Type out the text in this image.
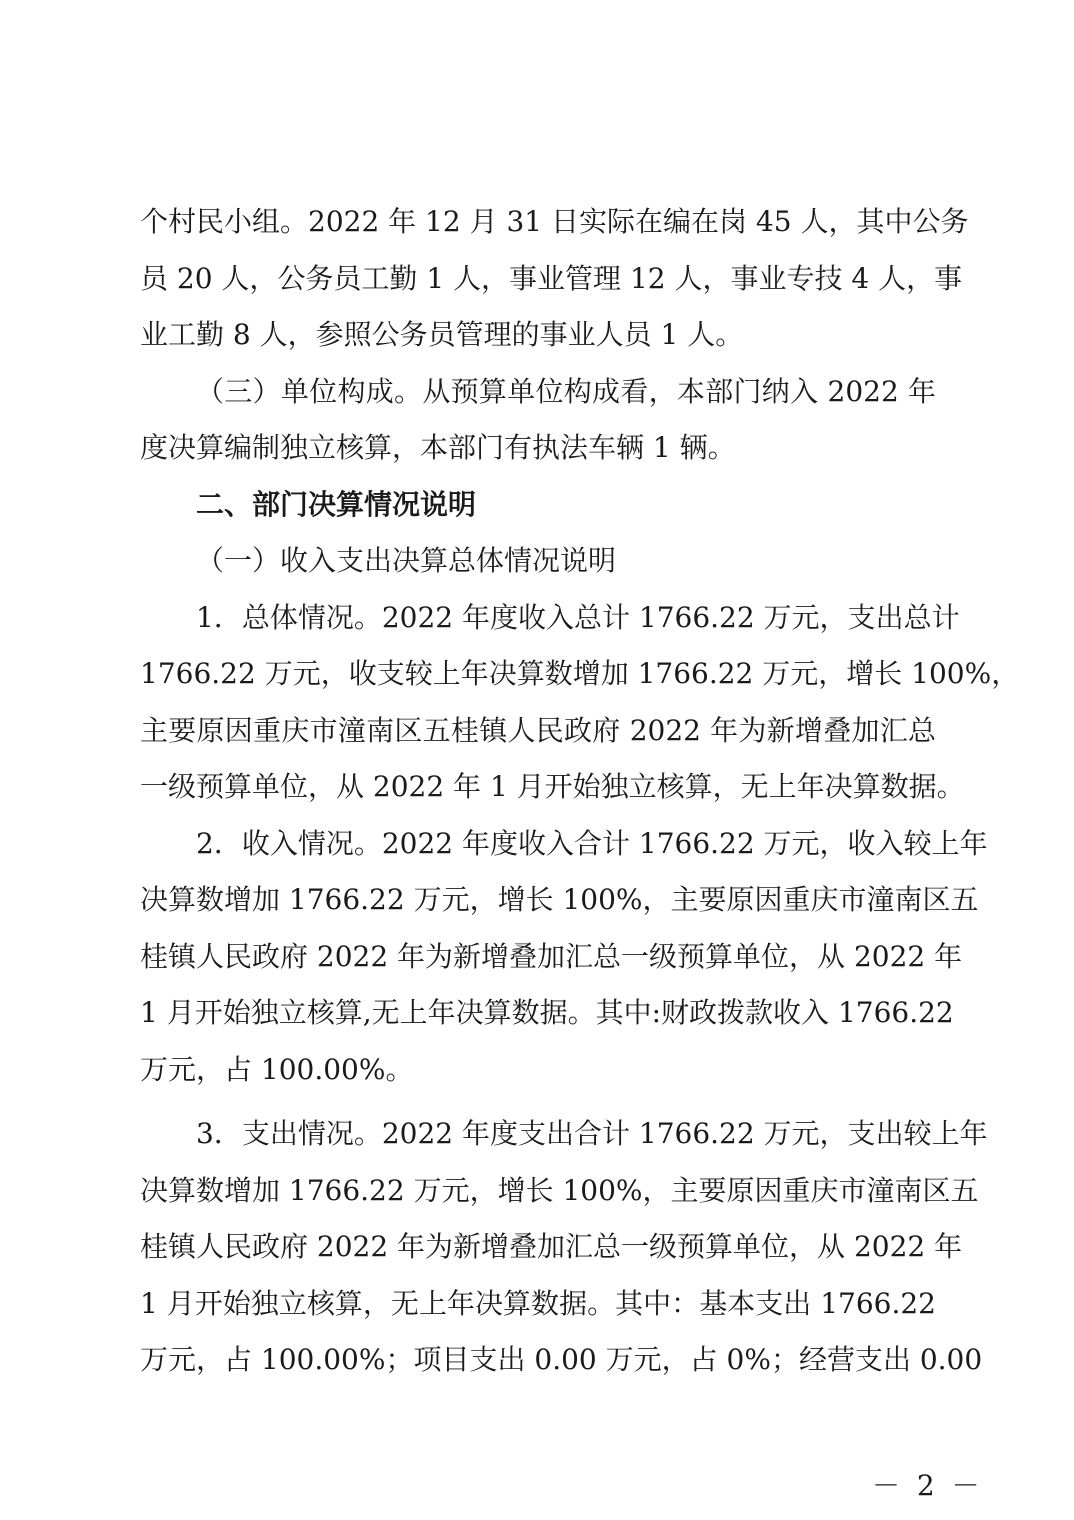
个村民小组。2022 年 12 月 31 日实际在编在岗 45 人，其中公务
员 20 人，公务员工勤 1 人，事业管理 12 人，事业专技 4 人，事
业工勤 8 人，参照公务员管理的事业人员 1 人。
（三）单位构成。从预算单位构成看，本部门纳入 2022 年
度决算编制独立核算，本部门有执法车辆 1 辆。
二、部门决算情况说明
（一）收入支出决算总体情况说明
1．总体情况。2022 年度收入总计 1766.22 万元，支出总计
1766.22 万元，收支较上年决算数增加 1766.22 万元，增长 100%，
主要原因重庆市潼南区五桂镇人民政府 2022 年为新增叠加汇总
一级预算单位，从 2022 年 1 月开始独立核算，无上年决算数据。
2．收入情况。2022 年度收入合计 1766.22 万元，收入较上年
决算数增加 1766.22 万元，增长 100%，主要原因重庆市潼南区五
桂镇人民政府 2022 年为新增叠加汇总一级预算单位，从 2022 年
1 月开始独立核算,无上年决算数据。其中:财政拨款收入 1766.22
万元，占 100.00%。
3．支出情况。2022 年度支出合计 1766.22 万元，支出较上年
决算数增加 1766.22 万元，增长 100%，主要原因重庆市潼南区五
桂镇人民政府 2022 年为新增叠加汇总一级预算单位，从 2022 年
1 月开始独立核算，无上年决算数据。其中：基本支出 1766.22
万元，占 100.00%；项目支出 0.00 万元，占 0%；经营支出 0.00
－ 2 －
